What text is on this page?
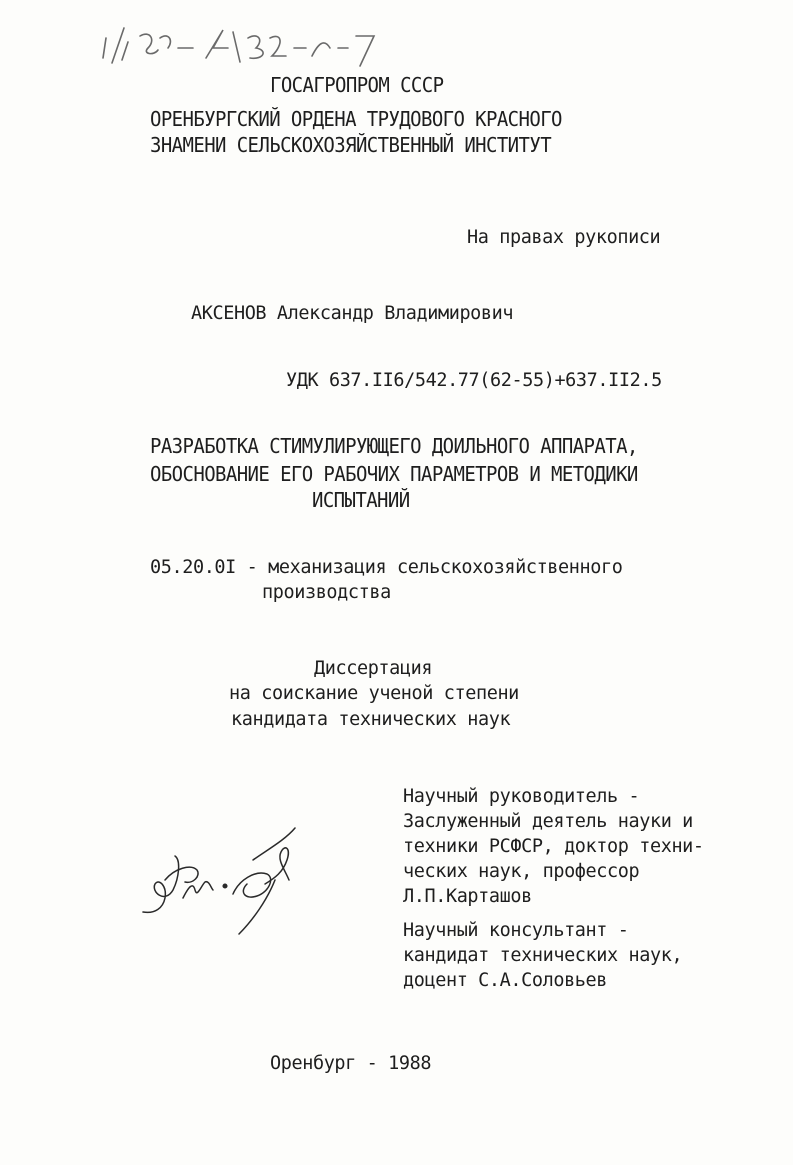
1/ 59-4/32-2-7
ГОСАГРОПРОМ СССР
ОРЕНБУРГСКИЙ ОРДЕНА ТРУДОВОГО КРАСНОГО
ЗНАМЕНИ СЕЛЬСКОХОЗЯЙСТВЕННЫЙ ИНСТИТУТ
На правах рукописи
АКСЕНОВ Александр Владимирович
УДК 637.II6/542.77(62-55)+637.II2.5
РАЗРАБОТКА СТИМУЛИРУЮЩЕГО ДОИЛЬНОГО АППАРАТА,
ОБОСНОВАНИЕ ЕГО РАБОЧИХ ПАРАМЕТРОВ И МЕТОДИКИ
ИСПЫТАНИЙ
05.20.0I - механизация сельскохозяйственного
производства
Диссертация
на соискание ученой степени
кандидата технических наук
Научный руководитель -
Заслуженный деятель науки и
техники РСФСР, доктор техни-
ческих наук, профессор
Л.П.Карташов
Научный консультант -
кандидат технических наук,
доцент С.А.Соловьев
Оренбург - 1988
